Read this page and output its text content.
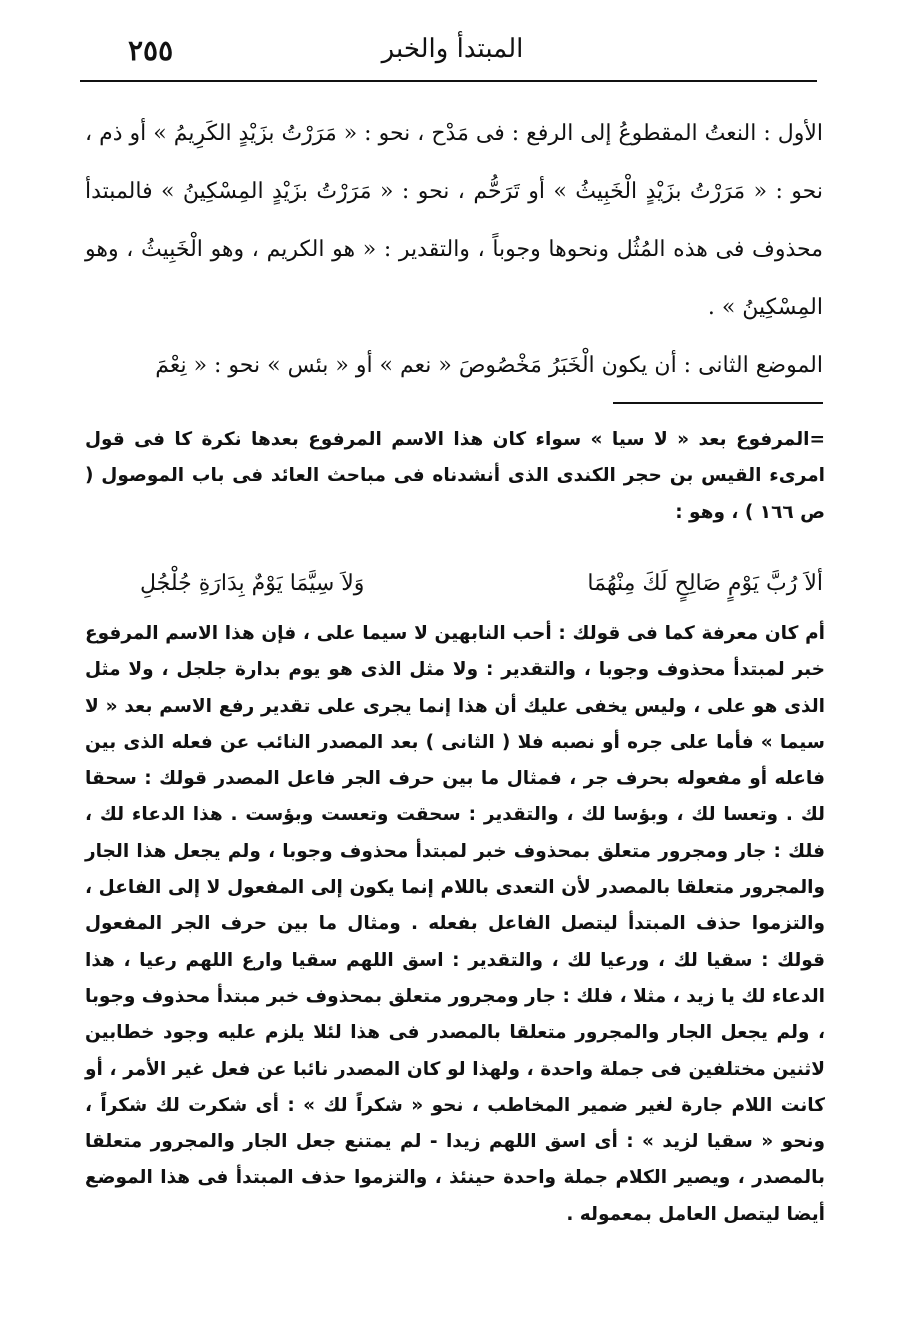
٢٥٥	المبتدأ والخبر

الأول : النعتُ المقطوعُ إلى الرفع : فى مَدْح ، نحو : « مَرَرْتُ بزَيْدٍ الكَرِيمُ » أو ذم ، نحو : « مَرَرْتُ بزَيْدٍ الْخَبِيثُ » أو تَرَحُّم ، نحو : « مَرَرْتُ بزَيْدٍ المِسْكِينُ » فالمبتدأ محذوف فى هذه المُثُل ونحوها وجوباً ، والتقدير : « هو الكريم ، وهو الْخَبِيثُ ، وهو المِسْكِينُ » .

الموضع الثانى : أن يكون الْخَبَرُ مَخْصُوصَ « نعم » أو « بئس » نحو : « نِعْمَ

=المرفوع بعد « لا سيا » سواء كان هذا الاسم المرفوع بعدها نكرة كا فى قول امرىء القيس بن حجر الكندى الذى أنشدناه فى مباحث العائد فى باب الموصول ( ص ١٦٦ ) ، وهو :

ألاَ رُبَّ يَوْمٍ صَالِحٍ لَكَ مِنْهُمَا
وَلاَ سِيَّمَا يَوْمٌ بِدَارَةِ جُلْجُلِ

أم كان معرفة كما فى قولك : أحب النابهين لا سيما على ، فإن هذا الاسم المرفوع خبر لمبتدأ محذوف وجوبا ، والتقدير : ولا مثل الذى هو يوم بدارة جلجل ، ولا مثل الذى هو على ، وليس يخفى عليك أن هذا إنما يجرى على تقدير رفع الاسم بعد « لا سيما » فأما على جره أو نصبه فلا ( الثانى ) بعد المصدر النائب عن فعله الذى بين فاعله أو مفعوله بحرف جر ، فمثال ما بين حرف الجر فاعل المصدر قولك : سحقا لك . وتعسا لك ، وبؤسا لك ، والتقدير : سحقت وتعست وبؤست . هذا الدعاء لك ، فلك : جار ومجرور متعلق بمحذوف خبر لمبتدأ محذوف وجوبا ، ولم يجعل هذا الجار والمجرور متعلقا بالمصدر لأن التعدى باللام إنما يكون إلى المفعول لا إلى الفاعل ، والتزموا حذف المبتدأ ليتصل الفاعل بفعله . ومثال ما بين حرف الجر المفعول قولك : سقيا لك ، ورعيا لك ، والتقدير : اسق اللهم سقيا وارع اللهم رعيا ، هذا الدعاء لك يا زيد ، مثلا ، فلك : جار ومجرور متعلق بمحذوف خبر مبتدأ محذوف وجوبا ، ولم يجعل الجار والمجرور متعلقا بالمصدر فى هذا لئلا يلزم عليه وجود خطابين لاثنين مختلفين فى جملة واحدة ، ولهذا لو كان المصدر نائبا عن فعل غير الأمر ، أو كانت اللام جارة لغير ضمير المخاطب ، نحو « شكراً لك » : أى شكرت لك شكراً ، ونحو « سقيا لزيد » : أى اسق اللهم زيدا - لم يمتنع جعل الجار والمجرور متعلقا بالمصدر ، ويصير الكلام جملة واحدة حينئذ ، والتزموا حذف المبتدأ فى هذا الموضع أيضا ليتصل العامل بمعموله .
